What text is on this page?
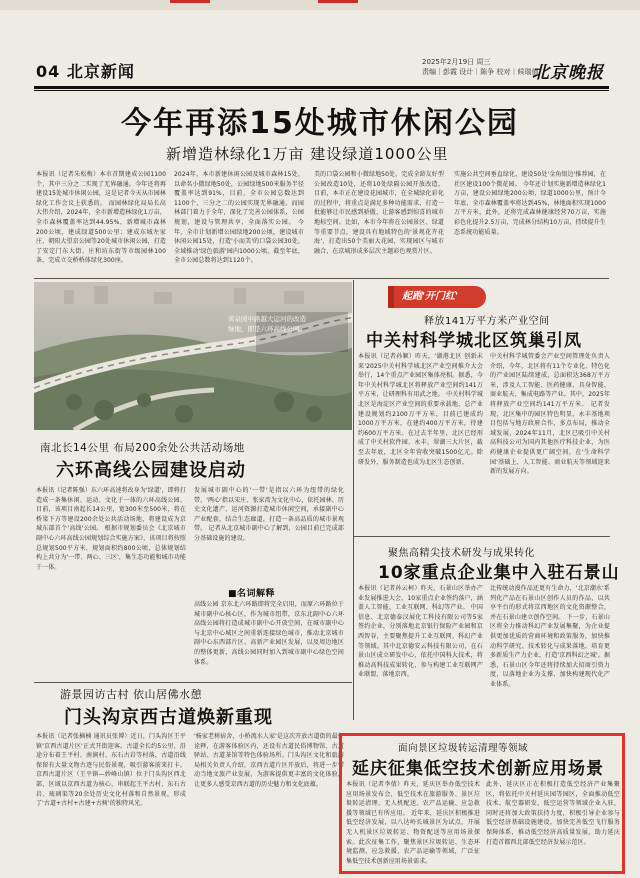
04 北京新闻	2025年2月19日 周三
责编｜彭霞 设计｜陈争 校对｜候瑞德
北京晚报
今年再添15处城市休闲公园
新增造林绿化1万亩 建设绿道1000公里
本报讯（记者朱松梅）本市首期建成公园1100个，其中三分之二实现了无界融通。今年还将再建设15处城市休闲公园，这是记者今天从市园林绿化工作会议上获悉的。 而园林绿化局局长高大伟介绍，2024年，全市新增造林绿化1万亩，全市森林覆盖率达到44.95%，新增城市森林200公顷，建成绿道500公里；建成东城左家庄、朝阳大望京公园等20处城市休闲公园，打造了安定门东大街、庄和坊东街等市级园林100条，完成立交桥桥体绿化300座。
2024年，本市新建休闲公园及城市森林15处，以命名小微绿地50处，公园绿地500米服务半径覆盖率达到91%，目前，全市公园总数达到1100个，三分之二的公园实现无界融通。而园林部门着力于全年，深化了完善公园体系，公园规划，建设与管理共享，全面落实公园。 今年，全市计划新增公园绿地200公顷，建设城市休闲公园15处，打造'小而美'的口袋公园30处，全域推动'绿色旅游'园内1000公顷，截至年底，全市公园总数将达到1120个。
美的口袋公园和小微绿地50处，完成全龄友好型公园改造10处，还将10处绿隔公园开放改造。 目前，本市正在建设花园城市，在全城绿化彩化的过程中，将重点是满足多种功能需求，打造一批能够让市民感到骄傲、让游客感到惊喜的城市地标空间。比如，本市今年将在公园景区、绿道等重要节点，建设具有地域特色的'景观花卉花海'，打造出50个美丽大花园，实现园区与城市融合，在京城形成多层次主题彩色观赏片区。
实施公共空间垂直绿化，建设50处'金角银边'推荐园，在社区建设100个微花园。 今年还计划实施新增造林绿化1万亩，建设公园绿地200公顷，绿道1000公里，预计今年底，全市森林覆盖率将达到45%，林地面积实现1000万平方米，此外，还将完成森林健康经营70万亩，实施彩色化提升2.5万亩，完成林分结构10万亩，持续提升生态系统功能质量。
黄泉园中路越大运河的改造绿地，即是六环高线公园。
起跑'开门红'
释放141万平方米产业空间
中关村科学城北区筑巢引凤
本报讯（记者孙颖）昨天，'湖港北区 创新未来'2025中关村科学城北区产业空间推介大会举行，14个重点产业园区集体亮相。据悉，今年中关村科学城北区将释放产业空间约141万平方米，让研理科有用武之地。 中关村科学城北区是海淀区产业空间的重要承载地，总产业建设规划约2100万平方米，目前已建成约1000万平方米，在建约400万平方米，待建约600万平方米。在过去半年里，北区已经形成了中关村软件园、永丰、翠湖三大片区，截至去年底，北区全年营收突破1500亿元。除研发外，服务制造也成为北区生态创新。
中关村科学城管委会产业空间管理处负责人介绍，今年，北区将有11个专业化、特色化的产业园区陆续建成，总面积达368万平方米，涉及人工智能、医药健康、具身智能、商业航天、集成电路等产业。其中，2025年将释放产业空间约141万平方米。 记者发现，北区集中的园区特色明显，永丰基地项目包括与地方政府合作，多点布局，推动全域发展，2024年11月，北区已吸引中关村高科技公司为国内其他医疗科技企业，为医药健康企业提供更广阔空间，在'生命科学园'基础上，人工智能、商业航天等领域迎来新的发展方向。
聚焦高精尖技术研发与成果转化
10家重点企业集中入驻石景山
本报讯（记者孙云柯）昨天，石景山区举办产业发展推进大会，10家重点企业签约落户，涵盖人工智能、工业互联网、科幻等产业。 中国信息、北京德泰汉展化工科技有限公司等5家签约企业，分别落地北京银行保险产业园和京西智谷，主要聚焦提升工业互联网、科幻产业等领域。其中北京德安云科技有限公司，在石景山区成立研发中心，依托中国科大技术，将推动高科技成果转化，参与构建工业互联网产业联盟，落地京西。
比传统动漫作品还更有生命力，'北京潮水'系列化产品在石景山区创作人员的作品，以共享平台的形式将京西地区的文化资源整合，并在石景山建立创作空间。 下一步，石景山区将全力推动科幻产业发展集聚，为企业提供更加优质的营商环境和政策服务，加快推动科学研究、技术转化与成果落地，培育更多新质生产力企业，打造'京西科幻之城'。据悉，石景山区今年还将持续加大招商引资力度，以落地企业为支撑，加快构建现代化产业体系。
南北长14公里 布局200余处公共活动场地
六环高线公园建设启动
本报讯（记者陈强）东六环高速将改身为'绿道'，即将打造成一条集休闲、运动、文化于一体的六环高线公园。目前，该项目南起长14公里，宽300米至500米，将在桥梁下方等建设200余处公共活动场地，将建设成为京城东部首个'高线'公园。 根据市规划委员会《北京城市副中心六环高线公园规划综合实施方案》，该项目将按照总规划500平方米，规划面积约800公顷，总体规划结构上共分为'一带、两心、三区'，集生态功能和城市功能于一体。
发展城市副中心的'一带'是指以六环为纽带的绿化带，'两心'指以宋庄、张家湾为文化中心，依托园林、历史文化遗产、运河资源打造城市休闲空间，承接副中心产业配套，结合生态廊道，打造一条高品质的城市景观带。 记者从北京城市副中心了解到，公园目前已完成部分基础设施的建设。
■名词解释
高线公园 京东北六环路即将完全启用，而原六环路位于城市副中心核心区，作为城市纽带，京东北副中心六环高线公园将打造成城市副中心开放空间，在城市副中心与北京中心城区之间重新连接绿色城市，推动北京城市副中心东西部片区、高新产业园区发展，以及周边地区的整体更新，高线公园同时加入到城市副中心绿色空间体系。
游景园访古村 依山居佛水憩
门头沟京西古道焕新重现
本报讯（记者张楠楠 通讯员张博）近日，门头沟区王平镇'京西古道片区'正式开街迎客。古道全长约5公里，沿途分布着王平村、南涧村、东石古岩等村落，古道沿线保留有大量文物古迹与民俗景观，吸引游客前来打卡。 京西古道片区（王平镇—妙峰山镇）位于门头沟区西北部，区域以京西古道为核心，串联起王平古村、东石古岩、琉璃渠等20余处历史文化村落和自然景观，形成了'古道+古村+古建+古树'的独特风光。
'杨家老树宿舍，小桥流水人家'是这次开放古道街的最好诠释，在游客体验区内，还设有古道民俗博物馆、古道驿站、古道茶馆等特色体验场所。门头沟区文化和旅游局相关负责人介绍，京西古道片区开放后，将进一步带动当地文旅产业发展，为游客提供更丰富的文化体验，让更多人感受京西古道的历史魅力和文化底蕴。
面向景区垃圾转运清理等领域
延庆征集低空技术创新应用场景
本报讯（记者李倩）昨天，延庆区举办低空技术应用场景发布会，低空技术在旅游服务、景区垃圾转运清理、无人机配送、农产品运输、应急救援等领域已有所应用。 近年来，延庆区积极推进低空经济发展，以八达岭长城景区为试点，开展无人机景区垃圾转运、物资配送等应用场景探索。此次征集工作，聚焦景区垃圾转运、生态环境监测、应急救援、农产品运输等领域，广泛征集低空技术创新应用场景需求。
此外，延庆区正在积极打造低空经济产业集聚区，将依托中关村延庆园等园区，全面推动低空技术、航空器研发、低空运营等领域企业入驻，同时还将加大政策扶持力度，积极引导企业参与低空经济基础设施建设，加快完善低空飞行服务保障体系，推动低空经济高质量发展，助力延庆打造首都西北部低空经济发展示范区。
